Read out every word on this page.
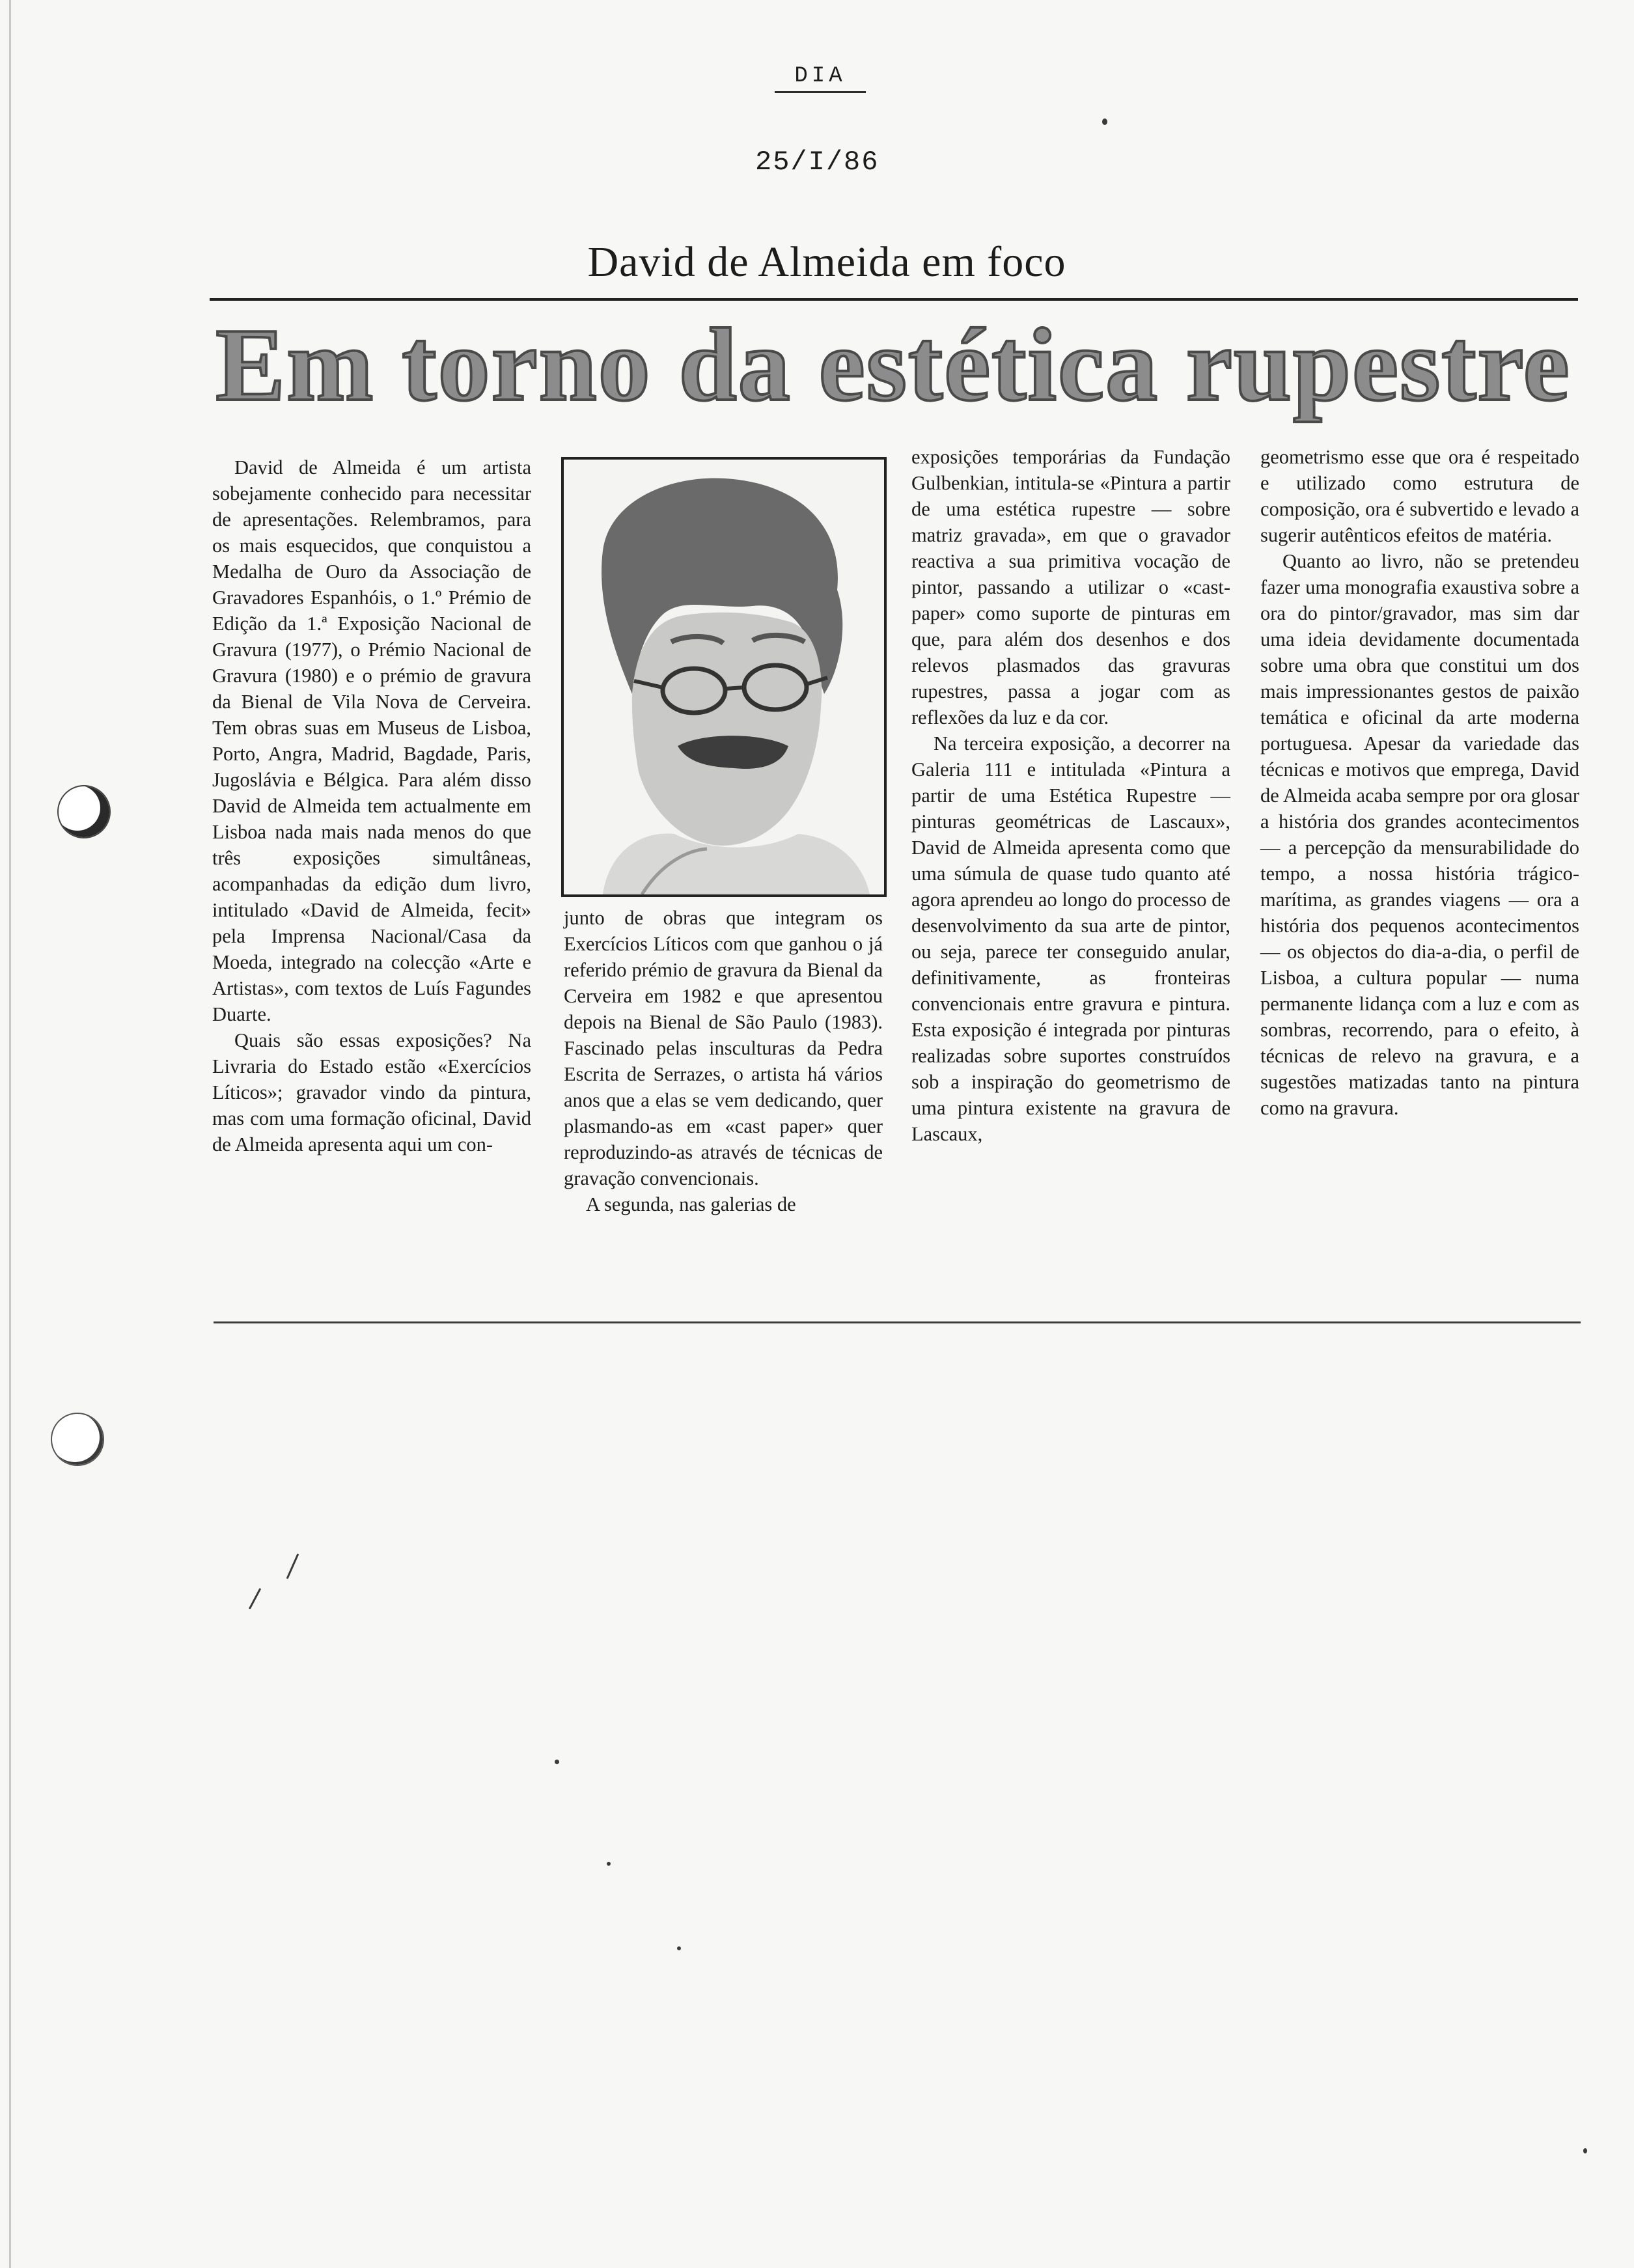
DIA
25/I/86
David de Almeida em foco
Em torno da estética rupestre

David de Almeida é um artista sobejamente conhecido para necessitar de apresentações. Relembramos, para os mais esquecidos, que conquistou a Medalha de Ouro da Associação de Gravadores Espanhóis, o 1.º Prémio de Edição da 1.ª Exposição Nacional de Gravura (1977), o Prémio Nacional de Gravura (1980) e o prémio de gravura da Bienal de Vila Nova de Cerveira. Tem obras suas em Museus de Lisboa, Porto, Angra, Madrid, Bagdade, Paris, Jugoslávia e Bélgica. Para além disso David de Almeida tem actualmente em Lisboa nada mais nada menos do que três exposições simultâneas, acompanhadas da edição dum livro, intitulado «David de Almeida, fecit» pela Imprensa Nacional/Casa da Moeda, integrado na colecção «Arte e Artistas», com textos de Luís Fagundes Duarte.

Quais são essas exposições? Na Livraria do Estado estão «Exercícios Líticos»; gravador vindo da pintura, mas com uma formação oficinal, David de Almeida apresenta aqui um con-

junto de obras que integram os Exercícios Líticos com que ganhou o já referido prémio de gravura da Bienal da Cerveira em 1982 e que apresentou depois na Bienal de São Paulo (1983). Fascinado pelas insculturas da Pedra Escrita de Serrazes, o artista há vários anos que a elas se vem dedicando, quer plasmando-as em «cast paper» quer reproduzindo-as através de técnicas de gravação convencionais.

A segunda, nas galerias de

exposições temporárias da Fundação Gulbenkian, intitula-se «Pintura a partir de uma estética rupestre — sobre matriz gravada», em que o gravador reactiva a sua primitiva vocação de pintor, passando a utilizar o «cast-paper» como suporte de pinturas em que, para além dos desenhos e dos relevos plasmados das gravuras rupestres, passa a jogar com as reflexões da luz e da cor.

Na terceira exposição, a decorrer na Galeria 111 e intitulada «Pintura a partir de uma Estética Rupestre — pinturas geométricas de Lascaux», David de Almeida apresenta como que uma súmula de quase tudo quanto até agora aprendeu ao longo do processo de desenvolvimento da sua arte de pintor, ou seja, parece ter conseguido anular, definitivamente, as fronteiras convencionais entre gravura e pintura. Esta exposição é integrada por pinturas realizadas sobre suportes construídos sob a inspiração do geometrismo de uma pintura existente na gravura de Lascaux,

geometrismo esse que ora é respeitado e utilizado como estrutura de composição, ora é subvertido e levado a sugerir autênticos efeitos de matéria.

Quanto ao livro, não se pretendeu fazer uma monografia exaustiva sobre a ora do pintor/gravador, mas sim dar uma ideia devidamente documentada sobre uma obra que constitui um dos mais impressionantes gestos de paixão temática e oficinal da arte moderna portuguesa. Apesar da variedade das técnicas e motivos que emprega, David de Almeida acaba sempre por ora glosar a história dos grandes acontecimentos — a percepção da mensurabilidade do tempo, a nossa história trágico-marítima, as grandes viagens — ora a história dos pequenos acontecimentos — os objectos do dia-a-dia, o perfil de Lisboa, a cultura popular — numa permanente lidança com a luz e com as sombras, recorrendo, para o efeito, à técnicas de relevo na gravura, e a sugestões matizadas tanto na pintura como na gravura.
